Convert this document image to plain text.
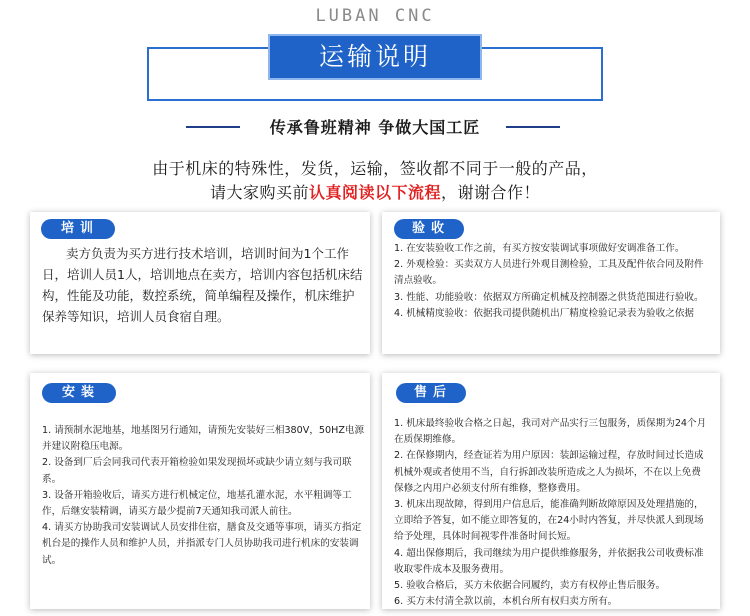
LUBAN CNC
运输说明
传承鲁班精神 争做大国工匠
由于机床的特殊性，发货，运输，签收都不同于一般的产品，
请大家购买前认真阅读以下流程，谢谢合作！
培训

卖方负责为买方进行技术培训，培训时间为1个工作日，培训人员1人，培训地点在卖方，培训内容包括机床结构，性能及功能，数控系统，简单编程及操作，机床维护保养等知识，培训人员食宿自理。

验收

1. 在安装验收工作之前，有买方按安装调试事项做好安调准备工作。

2. 外观检验：买卖双方人员进行外观目测检验，工具及配件依合同及附件清点验收。

3. 性能、功能验收：依据双方所确定机械及控制器之供货范围进行验收。

4. 机械精度验收：依据我司提供随机出厂精度检验记录表为验收之依据

安装

1. 请预制水泥地基，地基图另行通知，请预先安装好三相380V，50HZ电源并建议附稳压电源。

2. 设备到厂后会同我司代表开箱检验如果发现损坏或缺少请立刻与我司联系。

3. 设备开箱验收后，请买方进行机械定位，地基孔灌水泥，水平粗调等工作，后继安装精调，请买方最少提前7天通知我司派人前往。

4. 请买方协助我司安装调试人员安排住宿，膳食及交通等事项，请买方指定机台是的操作人员和维护人员，并指派专门人员协助我司进行机床的安装调试。

售后

1. 机床最终验收合格之日起，我司对产品实行三包服务，质保期为24个月在质保期维修。

2. 在保修期内，经查证若为用户原因：装卸运输过程，存放时间过长造成机械外观或者使用不当，自行拆卸改装所造成之人为损坏，不在以上免费保修之内用户必须支付所有维修，整修费用。

3. 机床出现故障，得到用户信息后，能准确判断故障原因及处理措施的，立即给予答复，如不能立即答复的，在24小时内答复，并尽快派人到现场给予处理，具体时间视零件准备时间长短。

4. 超出保修期后，我司继续为用户提供维修服务，并依据我公司收费标准收取零件成本及服务费用。

5. 验收合格后，买方未依据合同履约，卖方有权停止售后服务。

6. 买方未付清全款以前，本机台所有权归卖方所有。
